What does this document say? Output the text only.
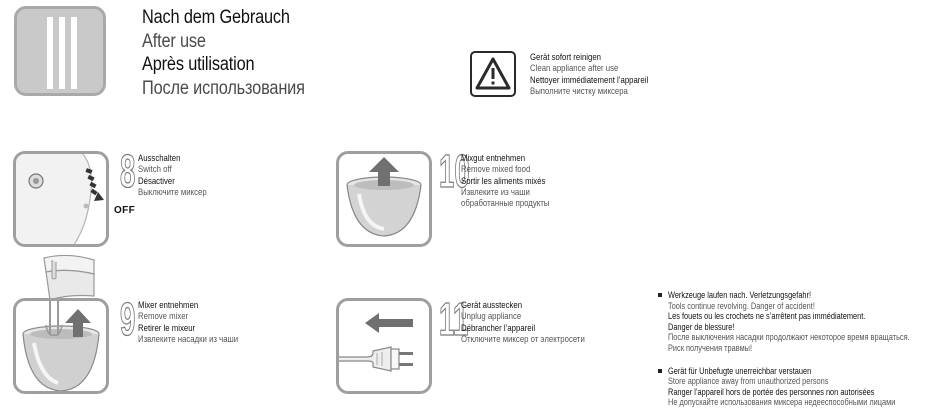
Nach dem Gebrauch
After use
Après utilisation
После использования
Gerät sofort reinigen
Clean appliance after use
Nettoyer immédiatement l’appareil
Выполните чистку миксера
8 Ausschalten
Switch off
Désactiver
Выключите миксер
OFF
10
Mixgut entnehmen
Remove mixed food
Sortir les aliments mixés
Извлеките из чаши
обработанные продукты
9 Mixer entnehmen
Remove mixer
Retirer le mixeur
Извлеките насадки из чаши	11
Gerät ausstecken
Unplug appliance
Débrancher l’appareil
Отключите миксер от электросети
Werkzeuge laufen nach. Verletzungsgefahr!
Tools continue revolving. Danger of accident!
Les fouets ou les crochets ne s’arrêtent pas immédiatement.
Danger de blessure!
После выключения насадки продолжают некоторое время вращаться.
Риск получения травмы!
Gerät für Unbefugte unerreichbar verstauen
Store appliance away from unauthorized persons
Ranger l’appareil hors de portée des personnes non autorisées
Не допускайте использования миксера недееспособными лицами
